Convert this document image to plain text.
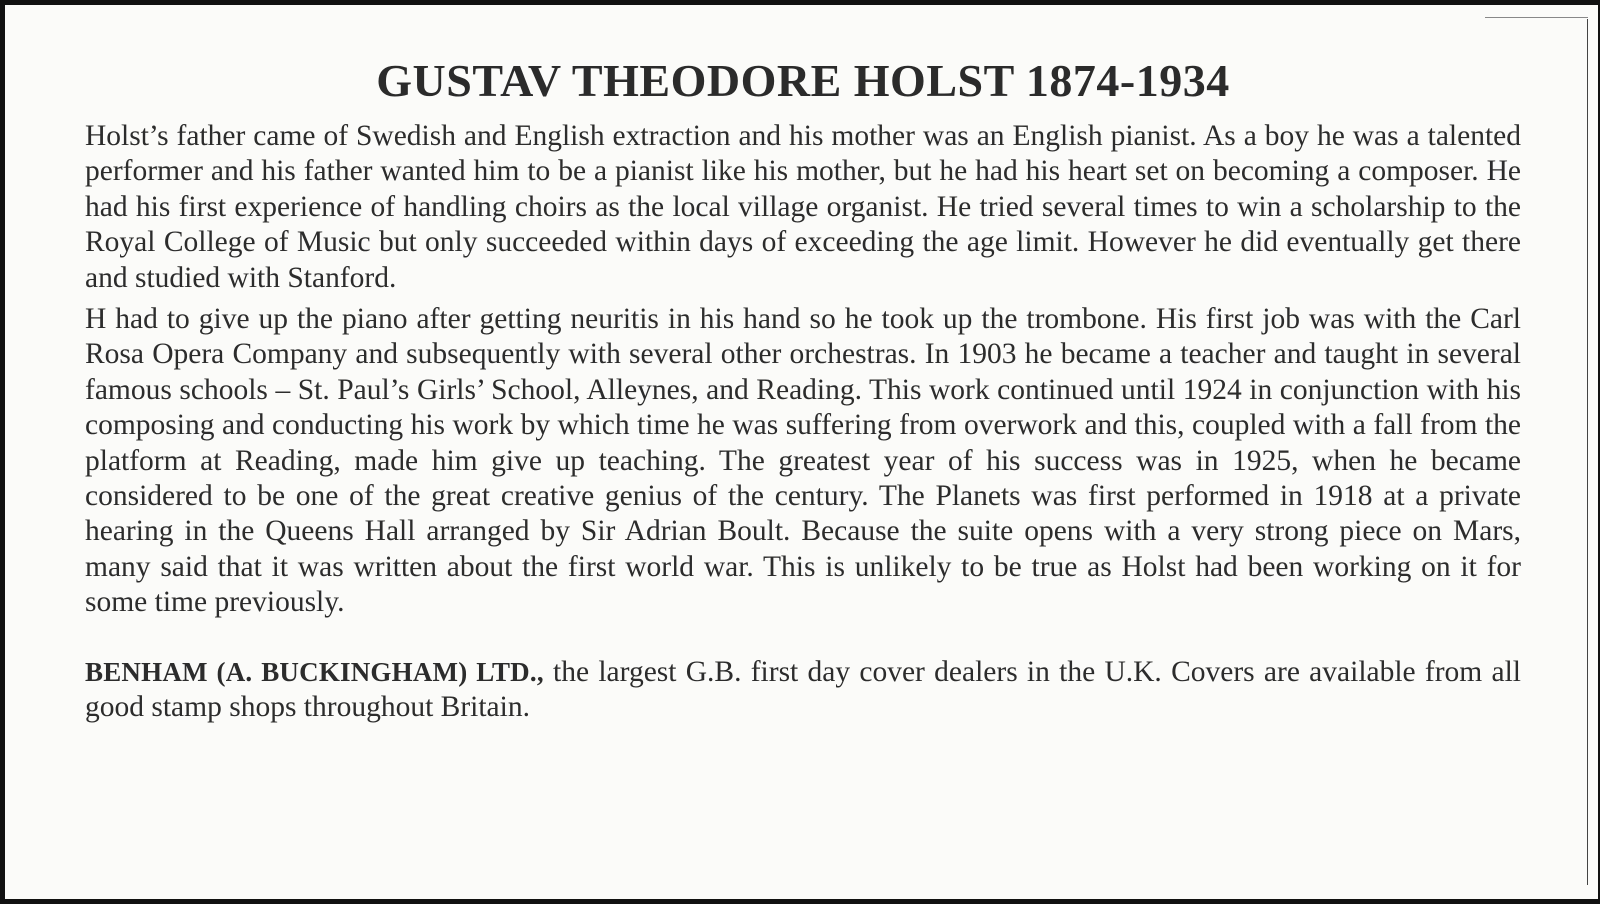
GUSTAV THEODORE HOLST 1874-1934

Holst’s father came of Swedish and English extraction and his mother was an English pianist. As a boy he was a talented performer and his father wanted him to be a pianist like his mother, but he had his heart set on becoming a composer. He had his first experience of handling choirs as the local village organist. He tried several times to win a scholarship to the Royal College of Music but only succeeded within days of exceeding the age limit. However he did eventually get there and studied with Stanford.

H had to give up the piano after getting neuritis in his hand so he took up the trombone. His first job was with the Carl Rosa Opera Company and subsequently with several other orchestras. In 1903 he became a teacher and taught in several famous schools – St. Paul’s Girls’ School, Alleynes, and Reading. This work continued until 1924 in conjunction with his composing and conducting his work by which time he was suffering from overwork and this, coupled with a fall from the platform at Reading, made him give up teaching. The greatest year of his success was in 1925, when he became considered to be one of the great creative genius of the century. The Planets was first performed in 1918 at a private hearing in the Queens Hall arranged by Sir Adrian Boult. Because the suite opens with a very strong piece on Mars, many said that it was written about the first world war. This is unlikely to be true as Holst had been working on it for some time previously.

BENHAM (A. BUCKINGHAM) LTD., the largest G.B. first day cover dealers in the U.K. Covers are available from all good stamp shops throughout Britain.
